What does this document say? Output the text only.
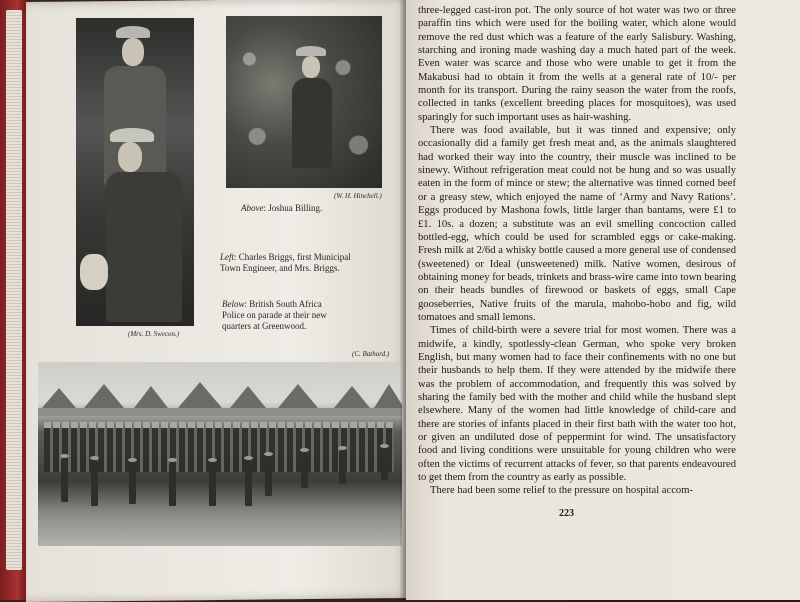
(Mrs. D. Swecon.)
(W. H. Hinchell.)
Above: Joshua Billing.
Left: Charles Briggs, first Municipal Town Engineer, and Mrs. Briggs.
Below: British South Africa Police on parade at their new quarters at Greenwood.
(C. Bathurd.)

three-legged cast-iron pot. The only source of hot water was two or three paraffin tins which were used for the boiling water, which alone would remove the red dust which was a feature of the early Salisbury. Washing, starching and ironing made washing day a much hated part of the week. Even water was scarce and those who were unable to get it from the Makabusi had to obtain it from the wells at a general rate of 10/- per month for its transport. During the rainy season the water from the roofs, collected in tanks (excellent breeding places for mosquitoes), was used sparingly for such important uses as hair-washing.

There was food available, but it was tinned and expensive; only occasionally did a family get fresh meat and, as the animals slaughtered had worked their way into the country, their muscle was inclined to be sinewy. Without refrigeration meat could not be hung and so was usually eaten in the form of mince or stew; the alternative was tinned corned beef or a greasy stew, which enjoyed the name of ‘Army and Navy Rations’. Eggs produced by Mashona fowls, little larger than bantams, were £1 to £1. 10s. a dozen; a substitute was an evil smelling concoction called bottled-egg, which could be used for scrambled eggs or cake-making. Fresh milk at 2/6d a whisky bottle caused a more general use of condensed (sweetened) or Ideal (unsweetened) milk. Native women, desirous of obtaining money for beads, trinkets and brass-wire came into town bearing on their heads bundles of firewood or baskets of eggs, small Cape gooseberries, Native fruits of the marula, mahobo-hobo and fig, wild tomatoes and small lemons.

Times of child-birth were a severe trial for most women. There was a midwife, a kindly, spotlessly-clean German, who spoke very broken English, but many women had to face their confinements with no one but their husbands to help them. If they were attended by the midwife there was the problem of accommodation, and frequently this was solved by sharing the family bed with the mother and child while the husband slept elsewhere. Many of the women had little knowledge of child-care and there are stories of infants placed in their first bath with the water too hot, or given an undiluted dose of peppermint for wind. The unsatisfactory food and living conditions were unsuitable for young children who were often the victims of recurrent attacks of fever, so that parents endeavoured to get them from the country as early as possible.

There had been some relief to the pressure on hospital accom-

223
